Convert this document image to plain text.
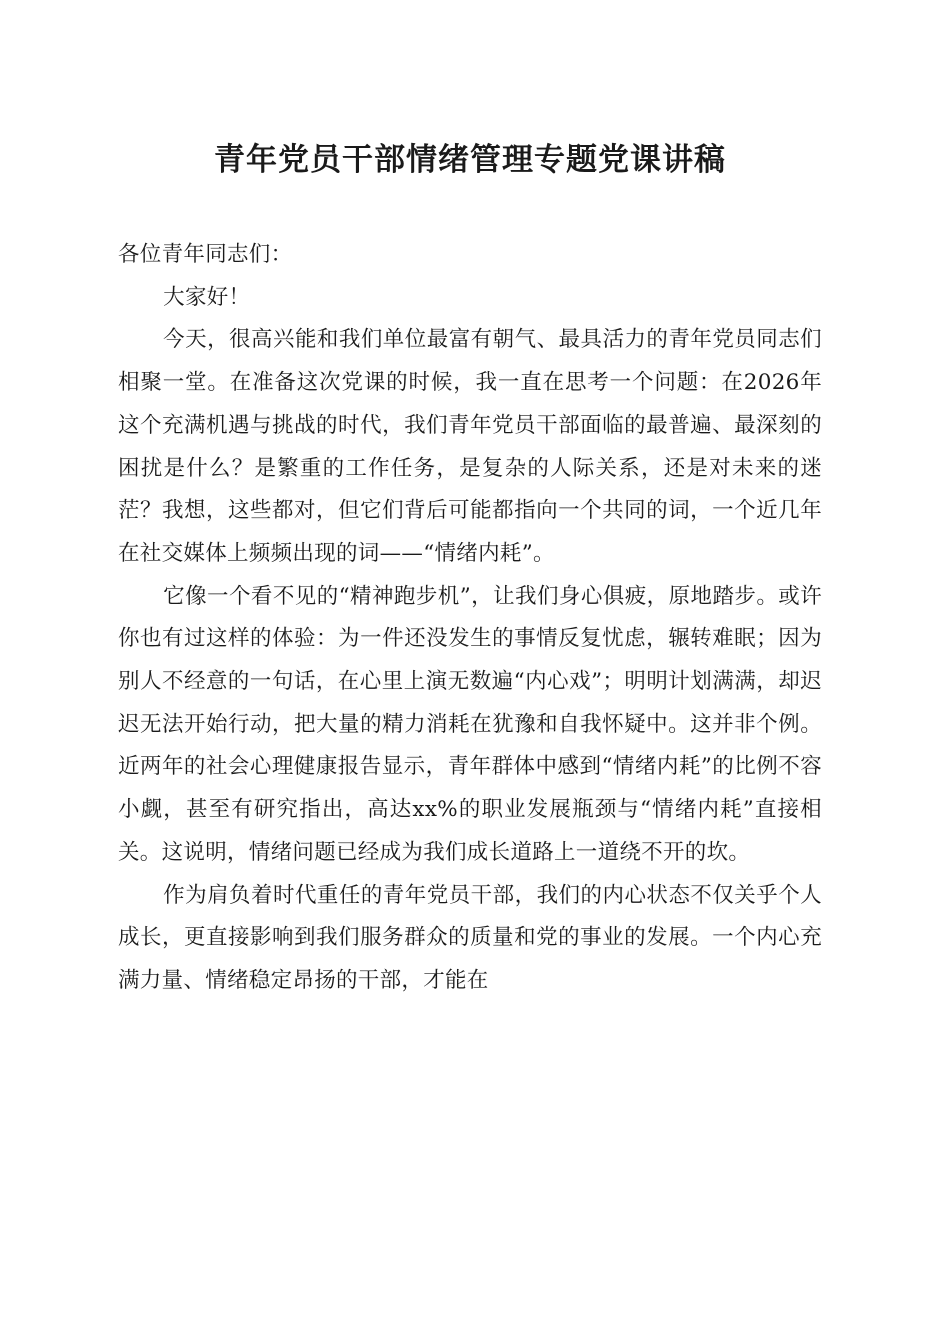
青年党员干部情绪管理专题党课讲稿

各位青年同志们：

大家好！

今天，很高兴能和我们单位最富有朝气、最具活力的青年党员同志们相聚一堂。在准备这次党课的时候，我一直在思考一个问题：在2026年这个充满机遇与挑战的时代，我们青年党员干部面临的最普遍、最深刻的困扰是什么？是繁重的工作任务，是复杂的人际关系，还是对未来的迷茫？我想，这些都对，但它们背后可能都指向一个共同的词，一个近几年在社交媒体上频频出现的词——“情绪内耗”。

它像一个看不见的“精神跑步机”，让我们身心俱疲，原地踏步。或许你也有过这样的体验：为一件还没发生的事情反复忧虑，辗转难眠；因为别人不经意的一句话，在心里上演无数遍“内心戏”；明明计划满满，却迟迟无法开始行动，把大量的精力消耗在犹豫和自我怀疑中。这并非个例。近两年的社会心理健康报告显示，青年群体中感到“情绪内耗”的比例不容小觑，甚至有研究指出，高达xx%的职业发展瓶颈与“情绪内耗”直接相关。这说明，情绪问题已经成为我们成长道路上一道绕不开的坎。

作为肩负着时代重任的青年党员干部，我们的内心状态不仅关乎个人成长，更直接影响到我们服务群众的质量和党的事业的发展。一个内心充满力量、情绪稳定昂扬的干部，才能在
